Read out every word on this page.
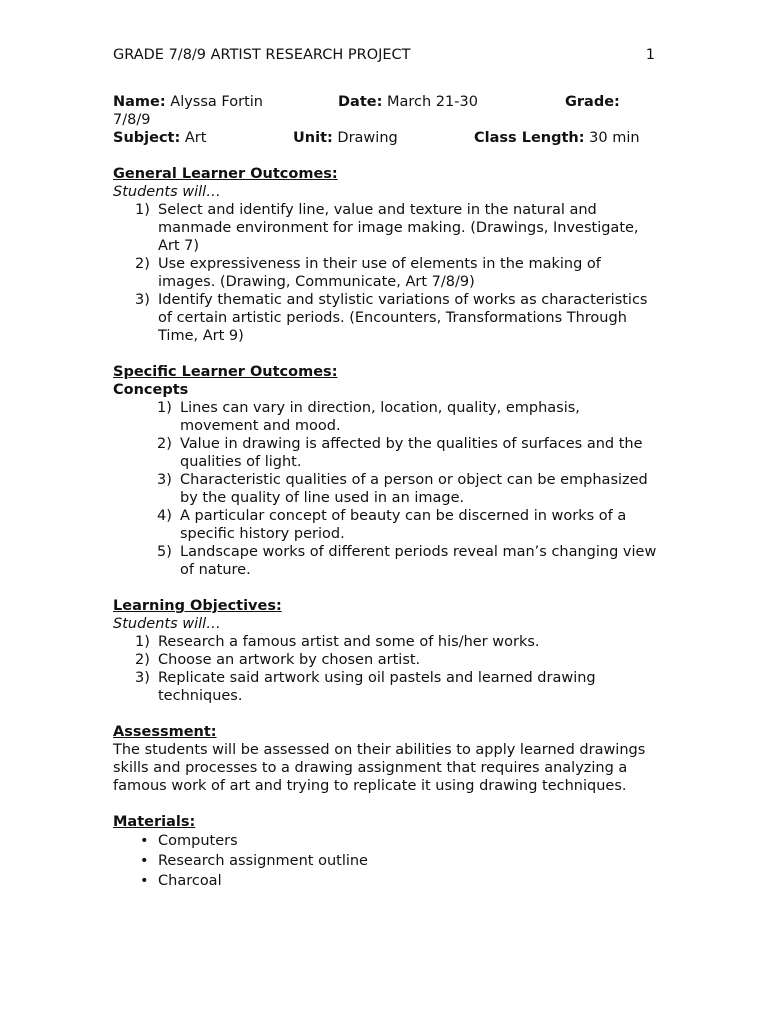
GRADE 7/8/9 ARTIST RESEARCH PROJECT	1
Name: Alyssa Fortin	Date: March 21-30	Grade:
7/8/9
Subject: Art	Unit: Drawing	Class Length: 30 min
General Learner Outcomes:
Students will…
1) Select and identify line, value and texture in the natural and manmade environment for image making. (Drawings, Investigate, Art 7)
2) Use expressiveness in their use of elements in the making of images. (Drawing, Communicate, Art 7/8/9)
3) Identify thematic and stylistic variations of works as characteristics of certain artistic periods. (Encounters, Transformations Through Time, Art 9)
Specific Learner Outcomes:
Concepts
1) Lines can vary in direction, location, quality, emphasis, movement and mood.
2) Value in drawing is affected by the qualities of surfaces and the qualities of light.
3) Characteristic qualities of a person or object can be emphasized by the quality of line used in an image.
4) A particular concept of beauty can be discerned in works of a specific history period.
5) Landscape works of different periods reveal man’s changing view of nature.
Learning Objectives:
Students will…
1) Research a famous artist and some of his/her works.
2) Choose an artwork by chosen artist.
3) Replicate said artwork using oil pastels and learned drawing techniques.
Assessment:
The students will be assessed on their abilities to apply learned drawings skills and processes to a drawing assignment that requires analyzing a famous work of art and trying to replicate it using drawing techniques.
Materials:
• Computers
• Research assignment outline
• Charcoal
